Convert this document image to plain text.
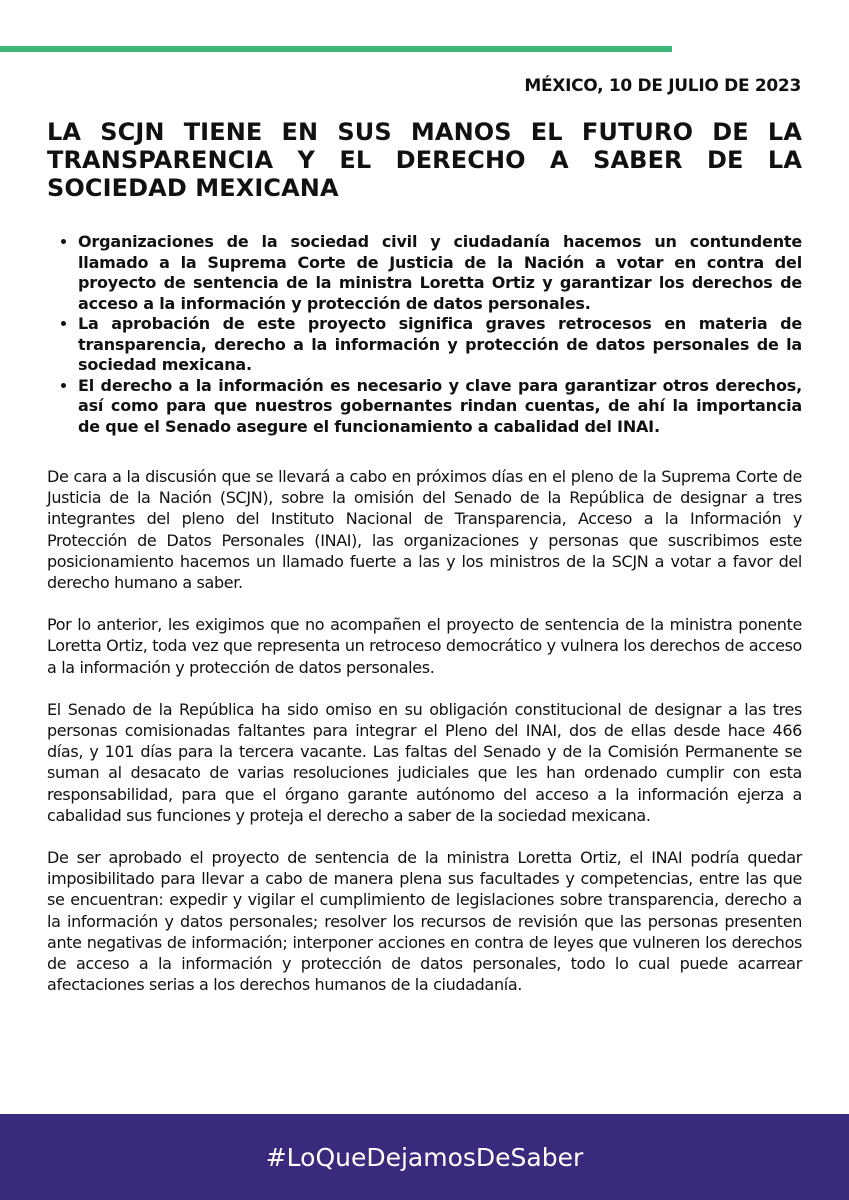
MÉXICO, 10 DE JULIO DE 2023
LA SCJN TIENE EN SUS MANOS EL FUTURO DE LA TRANSPARENCIA Y EL DERECHO A SABER DE LA SOCIEDAD MEXICANA
• Organizaciones de la sociedad civil y ciudadanía hacemos un contundente llamado a la Suprema Corte de Justicia de la Nación a votar en contra del proyecto de sentencia de la ministra Loretta Ortiz y garantizar los derechos de acceso a la información y protección de datos personales.
• La aprobación de este proyecto significa graves retrocesos en materia de transparencia, derecho a la información y protección de datos personales de la sociedad mexicana.
• El derecho a la información es necesario y clave para garantizar otros derechos, así como para que nuestros gobernantes rindan cuentas, de ahí la importancia de que el Senado asegure el funcionamiento a cabalidad del INAI.

De cara a la discusión que se llevará a cabo en próximos días en el pleno de la Suprema Corte de Justicia de la Nación (SCJN), sobre la omisión del Senado de la República de designar a tres integrantes del pleno del Instituto Nacional de Transparencia, Acceso a la Información y Protección de Datos Personales (INAI), las organizaciones y personas que suscribimos este posicionamiento hacemos un llamado fuerte a las y los ministros de la SCJN a votar a favor del derecho humano a saber.

Por lo anterior, les exigimos que no acompañen el proyecto de sentencia de la ministra ponente Loretta Ortiz, toda vez que representa un retroceso democrático y vulnera los derechos de acceso a la información y protección de datos personales.

El Senado de la República ha sido omiso en su obligación constitucional de designar a las tres personas comisionadas faltantes para integrar el Pleno del INAI, dos de ellas desde hace 466 días, y 101 días para la tercera vacante. Las faltas del Senado y de la Comisión Permanente se suman al desacato de varias resoluciones judiciales que les han ordenado cumplir con esta responsabilidad, para que el órgano garante autónomo del acceso a la información ejerza a cabalidad sus funciones y proteja el derecho a saber de la sociedad mexicana.

De ser aprobado el proyecto de sentencia de la ministra Loretta Ortiz, el INAI podría quedar imposibilitado para llevar a cabo de manera plena sus facultades y competencias, entre las que se encuentran: expedir y vigilar el cumplimiento de legislaciones sobre transparencia, derecho a la información y datos personales; resolver los recursos de revisión que las personas presenten ante negativas de información; interponer acciones en contra de leyes que vulneren los derechos de acceso a la información y protección de datos personales, todo lo cual puede acarrear afectaciones serias a los derechos humanos de la ciudadanía.

#LoQueDejamosDeSaber
